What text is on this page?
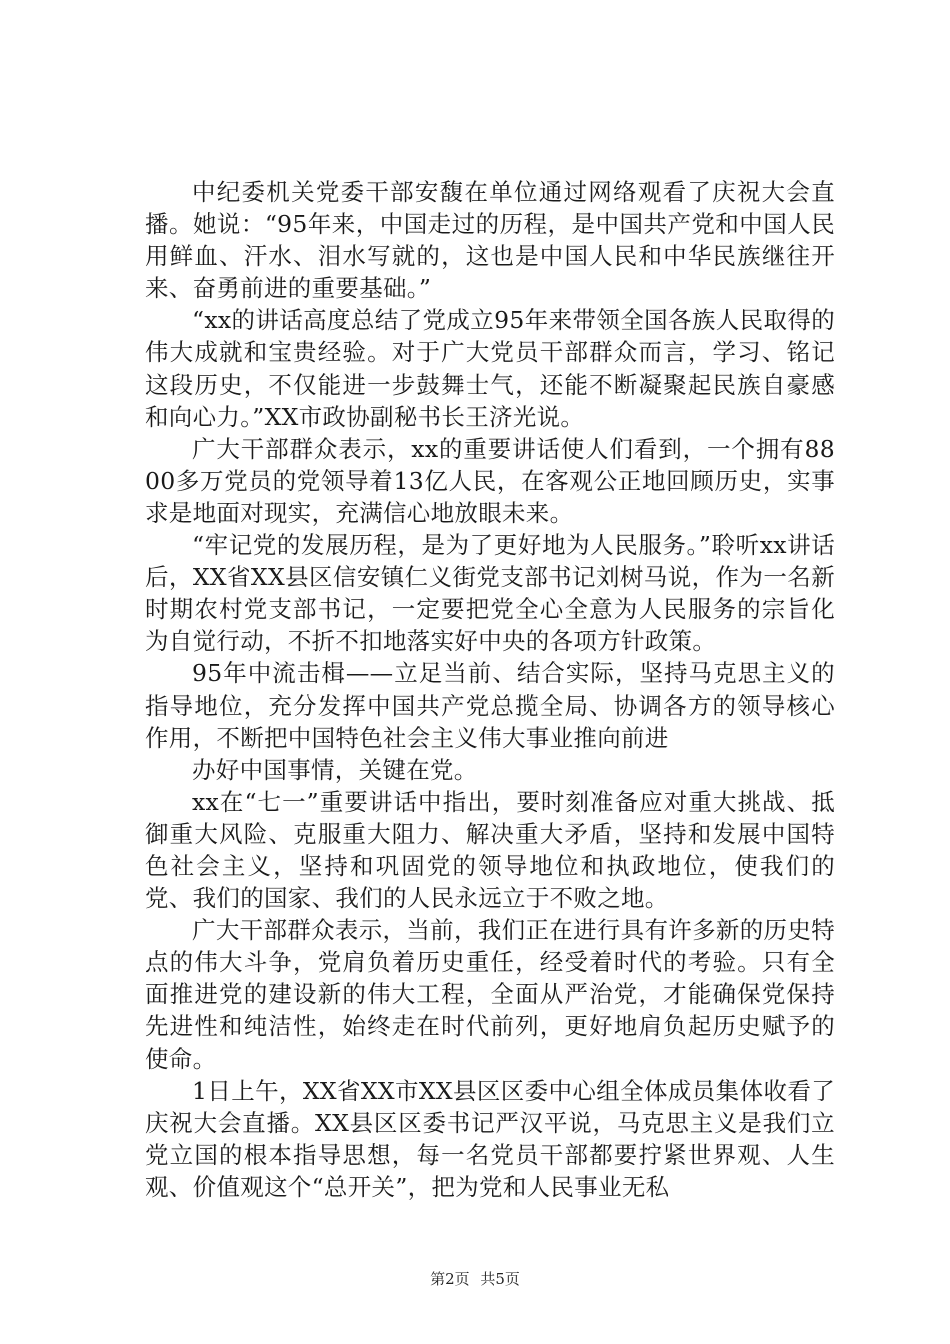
中纪委机关党委干部安馥在单位通过网络观看了庆祝大会直播。她说：“95年来，中国走过的历程，是中国共产党和中国人民用鲜血、汗水、泪水写就的，这也是中国人民和中华民族继往开来、奋勇前进的重要基础。”

“xx的讲话高度总结了党成立95年来带领全国各族人民取得的伟大成就和宝贵经验。对于广大党员干部群众而言，学习、铭记这段历史，不仅能进一步鼓舞士气，还能不断凝聚起民族自豪感和向心力。”XX市政协副秘书长王济光说。

广大干部群众表示，xx的重要讲话使人们看到，一个拥有8800多万党员的党领导着13亿人民，在客观公正地回顾历史，实事求是地面对现实，充满信心地放眼未来。

“牢记党的发展历程，是为了更好地为人民服务。”聆听xx讲话后，XX省XX县区信安镇仁义街党支部书记刘树马说，作为一名新时期农村党支部书记，一定要把党全心全意为人民服务的宗旨化为自觉行动，不折不扣地落实好中央的各项方针政策。

95年中流击楫——立足当前、结合实际，坚持马克思主义的指导地位，充分发挥中国共产党总揽全局、协调各方的领导核心作用，不断把中国特色社会主义伟大事业推向前进

办好中国事情，关键在党。

xx在“七一”重要讲话中指出，要时刻准备应对重大挑战、抵御重大风险、克服重大阻力、解决重大矛盾，坚持和发展中国特色社会主义，坚持和巩固党的领导地位和执政地位，使我们的党、我们的国家、我们的人民永远立于不败之地。

广大干部群众表示，当前，我们正在进行具有许多新的历史特点的伟大斗争，党肩负着历史重任，经受着时代的考验。只有全面推进党的建设新的伟大工程，全面从严治党，才能确保党保持先进性和纯洁性，始终走在时代前列，更好地肩负起历史赋予的使命。

1日上午，XX省XX市XX县区区委中心组全体成员集体收看了庆祝大会直播。XX县区区委书记严汉平说，马克思主义是我们立党立国的根本指导思想，每一名党员干部都要拧紧世界观、人生观、价值观这个“总开关”，把为党和人民事业无私

第2页 共5页
